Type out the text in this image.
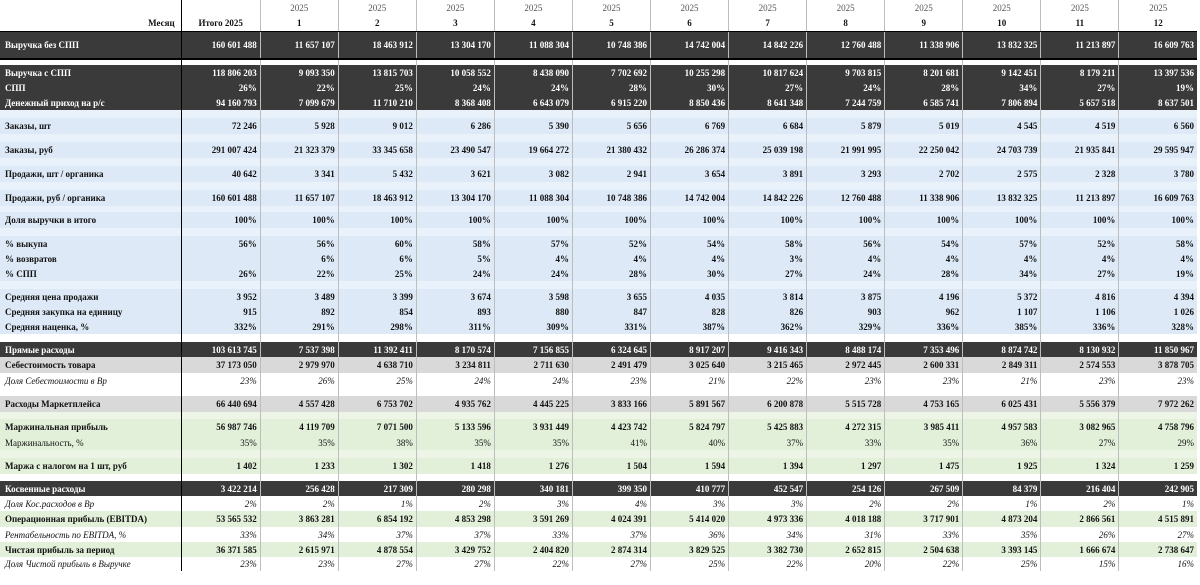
		2025	2025	2025	2025	2025	2025	2025	2025	2025	2025	2025	2025
Месяц	Итого 2025	1	2	3	4	5	6	7	8	9	10	11	12
Выручка без СПП	160 601 488	11 657 107	18 463 912	13 304 170	11 088 304	10 748 386	14 742 004	14 842 226	12 760 488	11 338 906	13 832 325	11 213 897	16 609 763

Выручка с СПП	118 806 203	9 093 350	13 815 703	10 058 552	8 438 090	7 702 692	10 255 298	10 817 624	9 703 815	8 201 681	9 142 451	8 179 211	13 397 536
СПП	26%	22%	25%	24%	24%	28%	30%	27%	24%	28%	34%	27%	19%
Денежный приход на р/с	94 160 793	7 099 679	11 710 210	8 368 408	6 643 079	6 915 220	8 850 436	8 641 348	7 244 759	6 585 741	7 806 894	5 657 518	8 637 501

Заказы, шт	72 246	5 928	9 012	6 286	5 390	5 656	6 769	6 684	5 879	5 019	4 545	4 519	6 560

Заказы, руб	291 007 424	21 323 379	33 345 658	23 490 547	19 664 272	21 380 432	26 286 374	25 039 198	21 991 995	22 250 042	24 703 739	21 935 841	29 595 947

Продажи, шт / органика	40 642	3 341	5 432	3 621	3 082	2 941	3 654	3 891	3 293	2 702	2 575	2 328	3 780

Продажи, руб / органика	160 601 488	11 657 107	18 463 912	13 304 170	11 088 304	10 748 386	14 742 004	14 842 226	12 760 488	11 338 906	13 832 325	11 213 897	16 609 763

Доля выручки в итого	100%	100%	100%	100%	100%	100%	100%	100%	100%	100%	100%	100%	100%

% выкупа	56%	56%	60%	58%	57%	52%	54%	58%	56%	54%	57%	52%	58%
% возвратов		6%	6%	5%	4%	4%	4%	3%	4%	4%	4%	4%	4%
% СПП	26%	22%	25%	24%	24%	28%	30%	27%	24%	28%	34%	27%	19%

Средняя цена продажи	3 952	3 489	3 399	3 674	3 598	3 655	4 035	3 814	3 875	4 196	5 372	4 816	4 394
Средняя закупка на единицу	915	892	854	893	880	847	828	826	903	962	1 107	1 106	1 026
Средняя наценка, %	332%	291%	298%	311%	309%	331%	387%	362%	329%	336%	385%	336%	328%

Прямые расходы	103 613 745	7 537 398	11 392 411	8 170 574	7 156 855	6 324 645	8 917 207	9 416 343	8 488 174	7 353 496	8 874 742	8 130 932	11 850 967
Себестоимость товара	37 173 050	2 979 970	4 638 710	3 234 811	2 711 630	2 491 479	3 025 640	3 215 465	2 972 445	2 600 331	2 849 311	2 574 553	3 878 705
Доля Себестоимости в Вр	23%	26%	25%	24%	24%	23%	21%	22%	23%	23%	21%	23%	23%

Расходы Маркетплейса	66 440 694	4 557 428	6 753 702	4 935 762	4 445 225	3 833 166	5 891 567	6 200 878	5 515 728	4 753 165	6 025 431	5 556 379	7 972 262

Маржинальная прибыль	56 987 746	4 119 709	7 071 500	5 133 596	3 931 449	4 423 742	5 824 797	5 425 883	4 272 315	3 985 411	4 957 583	3 082 965	4 758 796
Маржинальность, %	35%	35%	38%	35%	35%	41%	40%	37%	33%	35%	36%	27%	29%

Маржа с налогом на 1 шт, руб	1 402	1 233	1 302	1 418	1 276	1 504	1 594	1 394	1 297	1 475	1 925	1 324	1 259

Косвенные расходы	3 422 214	256 428	217 309	280 298	340 181	399 350	410 777	452 547	254 126	267 509	84 379	216 404	242 905
Доля Кос.расходов в Вр	2%	2%	1%	2%	3%	4%	3%	3%	2%	2%	1%	2%	1%
Операционная прибыль (EBITDA)	53 565 532	3 863 281	6 854 192	4 853 298	3 591 269	4 024 391	5 414 020	4 973 336	4 018 188	3 717 901	4 873 204	2 866 561	4 515 891
Рентабельность по EBITDA, %	33%	34%	37%	37%	33%	37%	36%	34%	31%	33%	35%	26%	27%
Чистая прибыль за период	36 371 585	2 615 971	4 878 554	3 429 752	2 404 820	2 874 314	3 829 525	3 382 730	2 652 815	2 504 638	3 393 145	1 666 674	2 738 647
Доля Чистой прибыль в Выручке	23%	23%	27%	27%	22%	27%	25%	22%	20%	22%	25%	15%	16%
